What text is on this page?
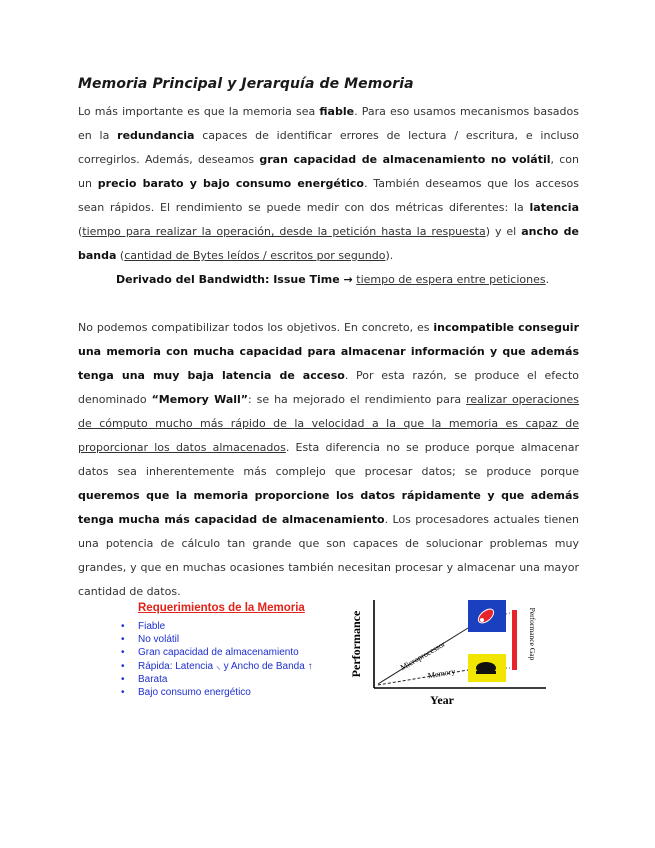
Memoria Principal y Jerarquía de Memoria

Lo más importante es que la memoria sea fiable. Para eso usamos mecanismos basados en la redundancia capaces de identificar errores de lectura / escritura, e incluso corregirlos. Además, deseamos gran capacidad de almacenamiento no volátil, con un precio barato y bajo consumo energético. También deseamos que los accesos sean rápidos. El rendimiento se puede medir con dos métricas diferentes: la latencia (tiempo para realizar la operación, desde la petición hasta la respuesta) y el ancho de banda (cantidad de Bytes leídos / escritos por segundo).

Derivado del Bandwidth: Issue Time → tiempo de espera entre peticiones.

No podemos compatibilizar todos los objetivos. En concreto, es incompatible conseguir una memoria con mucha capacidad para almacenar información y que además tenga una muy baja latencia de acceso. Por esta razón, se produce el efecto denominado “Memory Wall”: se ha mejorado el rendimiento para realizar operaciones de cómputo mucho más rápido de la velocidad a la que la memoria es capaz de proporcionar los datos almacenados. Esta diferencia no se produce porque almacenar datos sea inherentemente más complejo que procesar datos; se produce porque queremos que la memoria proporcione los datos rápidamente y que además tenga mucha más capacidad de almacenamiento. Los procesadores actuales tienen una potencia de cálculo tan grande que son capaces de solucionar problemas muy grandes, y que en muchas ocasiones también necesitan procesar y almacenar una mayor cantidad de datos.

Requerimientos de la Memoria
• Fiable
• No volátil
• Gran capacidad de almacenamiento
• Rápida: Latencia ⸜ y Ancho de Banda ↑
• Barata
• Bajo consumo energético
Performance
Year
Microprocessor
Memory
Performance Gap
